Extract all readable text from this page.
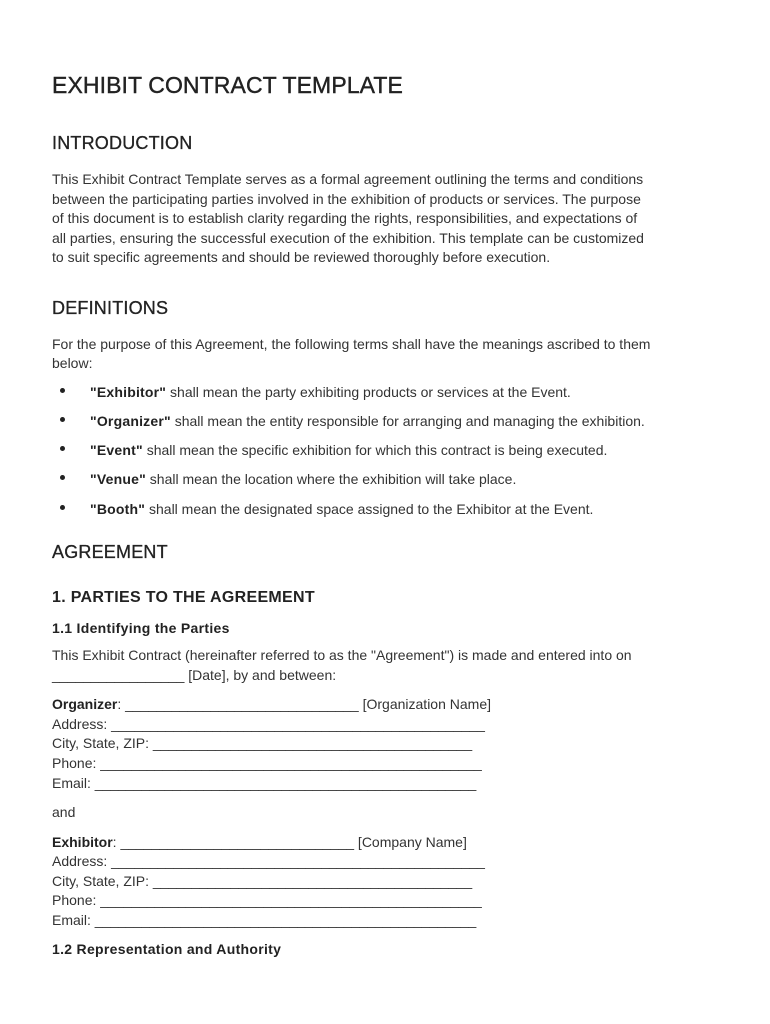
EXHIBIT CONTRACT TEMPLATE
INTRODUCTION

This Exhibit Contract Template serves as a formal agreement outlining the terms and conditions

between the participating parties involved in the exhibition of products or services. The purpose

of this document is to establish clarity regarding the rights, responsibilities, and expectations of

all parties, ensuring the successful execution of the exhibition. This template can be customized

to suit specific agreements and should be reviewed thoroughly before execution.

DEFINITIONS

For the purpose of this Agreement, the following terms shall have the meanings ascribed to them

below:

"Exhibitor" shall mean the party exhibiting products or services at the Event.
"Organizer" shall mean the entity responsible for arranging and managing the exhibition.
"Event" shall mean the specific exhibition for which this contract is being executed.
"Venue" shall mean the location where the exhibition will take place.
"Booth" shall mean the designated space assigned to the Exhibitor at the Event.
AGREEMENT
1. PARTIES TO THE AGREEMENT
1.1 Identifying the Parties

This Exhibit Contract (hereinafter referred to as the "Agreement") is made and entered into on

_________________ [Date], by and between:

Organizer: ______________________________ [Organization Name]

Address: ________________________________________________

City, State, ZIP: _________________________________________

Phone: _________________________________________________

Email: _________________________________________________

and

Exhibitor: ______________________________ [Company Name]

Address: ________________________________________________

City, State, ZIP: _________________________________________

Phone: _________________________________________________

Email: _________________________________________________

1.2 Representation and Authority
